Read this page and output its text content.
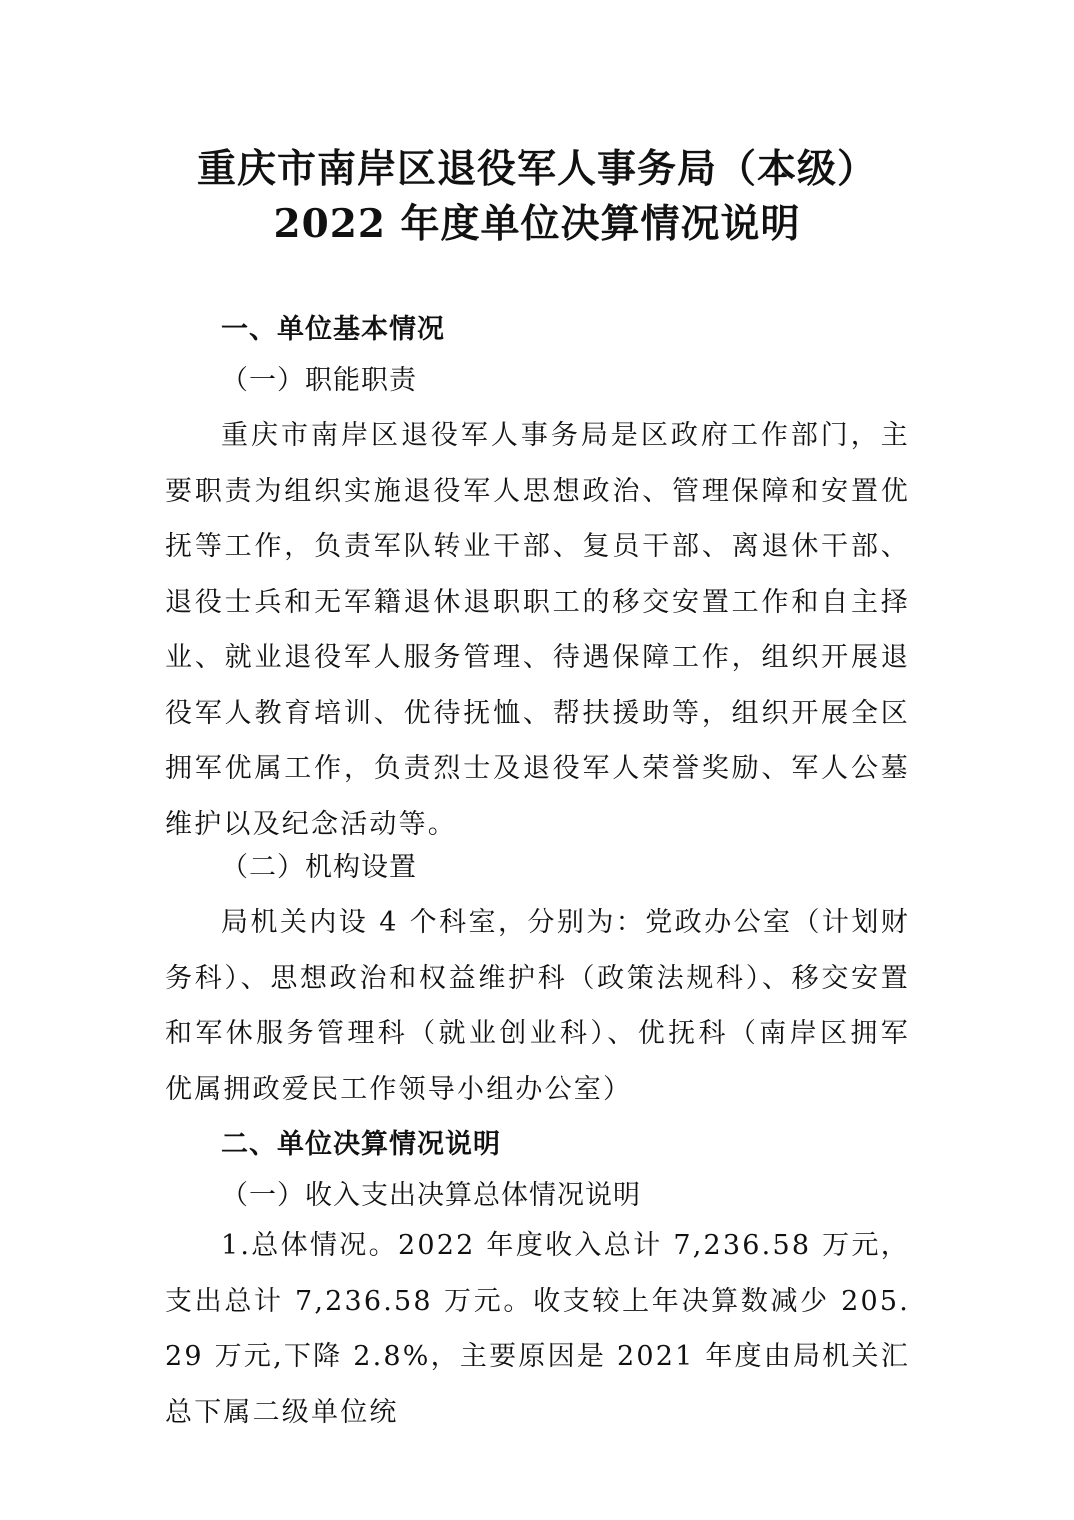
重庆市南岸区退役军人事务局（本级）
2022 年度单位决算情况说明
一、单位基本情况
（一）职能职责
重庆市南岸区退役军人事务局是区政府工作部门，主要职责为组织实施退役军人思想政治、管理保障和安置优抚等工作，负责军队转业干部、复员干部、离退休干部、退役士兵和无军籍退休退职职工的移交安置工作和自主择业、就业退役军人服务管理、待遇保障工作，组织开展退役军人教育培训、优待抚恤、帮扶援助等，组织开展全区拥军优属工作，负责烈士及退役军人荣誉奖励、军人公墓维护以及纪念活动等。
（二）机构设置
局机关内设 4 个科室，分别为：党政办公室（计划财务科）、思想政治和权益维护科（政策法规科）、移交安置和军休服务管理科（就业创业科）、优抚科（南岸区拥军优属拥政爱民工作领导小组办公室）
二、单位决算情况说明
（一）收入支出决算总体情况说明
1.总体情况。2022 年度收入总计 7,236.58 万元，支出总计 7,236.58 万元。收支较上年决算数减少 205.29 万元,下降 2.8%，主要原因是 2021 年度由局机关汇总下属二级单位统
